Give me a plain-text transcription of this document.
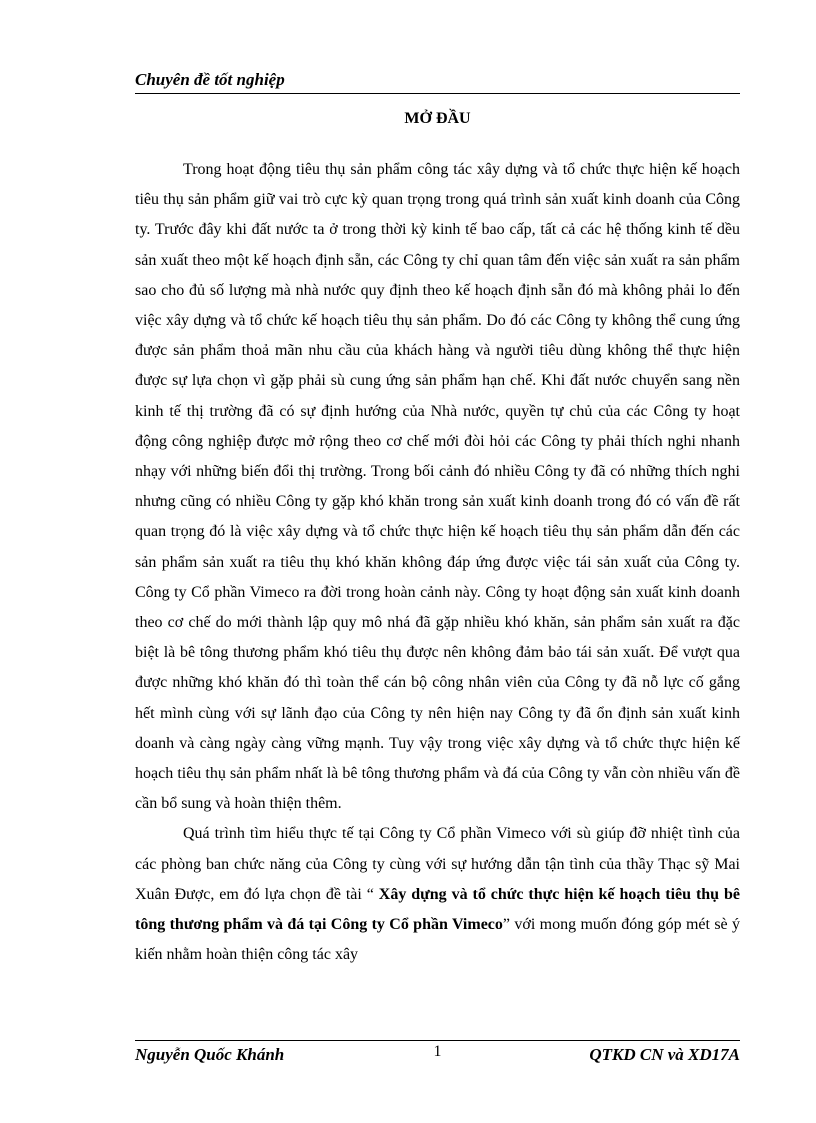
Chuyên đề tốt nghiệp
MỞ ĐẦU

Trong hoạt động tiêu thụ sản phẩm công tác xây dựng và tổ chức thực hiện kế hoạch tiêu thụ sản phẩm giữ vai trò cực kỳ quan trọng trong quá trình sản xuất kinh doanh của Công ty. Trước đây khi đất nước ta ở trong thời kỳ kinh tế bao cấp, tất cả các hệ thống kinh tế dều sản xuất theo một kế hoạch định sẵn, các Công ty chỉ quan tâm đến việc sản xuất ra sản phẩm sao cho đủ số lượng mà nhà nước quy định theo kế hoạch định sẵn đó mà không phải lo đến việc xây dựng và tổ chức kế hoạch tiêu thụ sản phẩm. Do đó các Công ty không thể cung ứng được sản phẩm thoả mãn nhu cầu của khách hàng và người tiêu dùng không thể thực hiện được sự lựa chọn vì gặp phải sù cung ứng sản phẩm hạn chế. Khi đất nước chuyển sang nền kinh tế thị trường đã có sự định hướng của Nhà nước, quyền tự chủ của các Công ty hoạt động công nghiệp được mở rộng theo cơ chế mới đòi hỏi các Công ty phải thích nghi nhanh nhạy với những biến đổi thị trường. Trong bối cảnh đó nhiều Công ty đã có những thích nghi nhưng cũng có nhiều Công ty gặp khó khăn trong sản xuất kinh doanh trong đó có vấn đề rất quan trọng đó là việc xây dựng và tổ chức thực hiện kế hoạch tiêu thụ sản phẩm dẫn đến các sản phẩm sản xuất ra tiêu thụ khó khăn không đáp ứng được việc tái sản xuất của Công ty. Công ty Cổ phần Vimeco ra đời trong hoàn cảnh này. Công ty hoạt động sản xuất kinh doanh theo cơ chế do mới thành lập quy mô nhá đã gặp nhiều khó khăn, sản phẩm sản xuất ra đặc biệt là bê tông thương phẩm khó tiêu thụ được nên không đảm bảo tái sản xuất. Để vượt qua được những khó khăn đó thì toàn thể cán bộ công nhân viên của Công ty đã nỗ lực cố gắng hết mình cùng với sự lãnh đạo của Công ty nên hiện nay Công ty đã ổn định sản xuất kinh doanh và càng ngày càng vững mạnh. Tuy vậy trong việc xây dựng và tổ chức thực hiện kế hoạch tiêu thụ sản phẩm nhất là bê tông thương phẩm và đá của Công ty vẫn còn nhiều vấn đề cần bổ sung và hoàn thiện thêm.

Quá trình tìm hiểu thực tế tại Công ty Cổ phần Vimeco với sù giúp đỡ nhiệt tình của các phòng ban chức năng của Công ty cùng với sự hướng dẫn tận tình của thầy Thạc sỹ Mai Xuân Được, em đó lựa chọn đề tài “ Xây dựng và tổ chức thực hiện kế hoạch tiêu thụ bê tông thương phẩm và đá tại Công ty Cổ phần Vimeco” với mong muốn đóng góp mét sè ý kiến nhằm hoàn thiện công tác xây

Nguyễn Quốc Khánh	1	QTKD CN và XD17A
